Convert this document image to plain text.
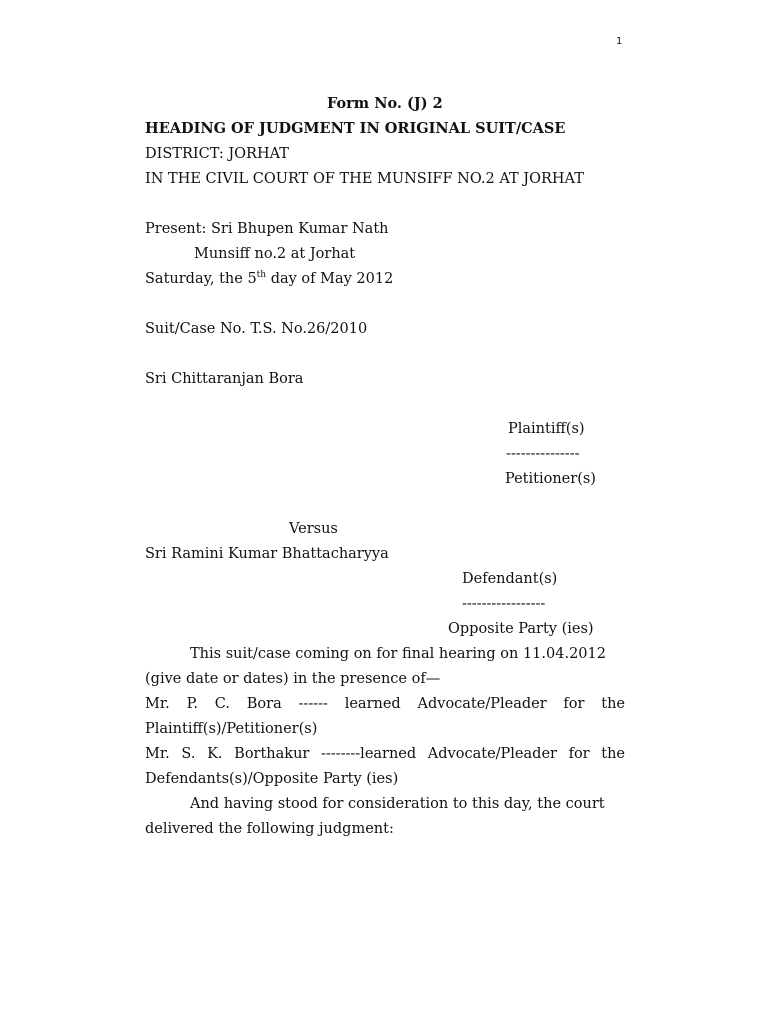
1
Form No. (J) 2
HEADING OF JUDGMENT IN ORIGINAL SUIT/CASE
DISTRICT: JORHAT
IN THE CIVIL COURT OF THE MUNSIFF NO.2 AT JORHAT
Present: Sri Bhupen Kumar Nath
Munsiff no.2 at Jorhat
Saturday, the 5th day of May 2012
Suit/Case No. T.S. No.26/2010
Sri Chittaranjan Bora
Plaintiff(s)
---------------
Petitioner(s)
Versus
Sri Ramini Kumar Bhattacharyya
Defendant(s)
-----------------
Opposite Party (ies)
This suit/case coming on for final hearing on 11.04.2012
(give date or dates) in the presence of—
Mr. P. C. Bora ------ learned Advocate/Pleader for the
Plaintiff(s)/Petitioner(s)
Mr. S. K. Borthakur --------learned Advocate/Pleader for the
Defendants(s)/Opposite Party (ies)
And having stood for consideration to this day, the court
delivered the following judgment:
